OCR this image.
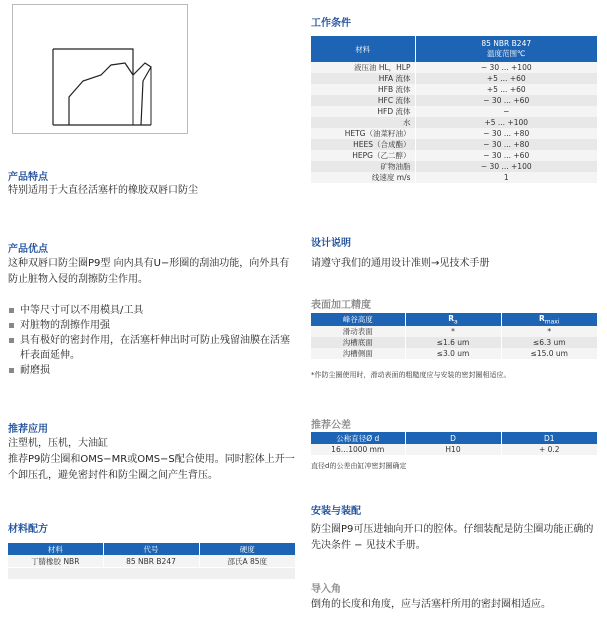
产品特点
特别适用于大直径活塞杆的橡胶双唇口防尘
产品优点
这种双唇口防尘圈P9型 向内具有U−形圈的刮油功能，向外具有防止脏物入侵的刮擦防尘作用。
中等尺寸可以不用模具/工具
对脏物的刮擦作用强
具有极好的密封作用，在活塞杆伸出时可防止残留油膜在活塞杆表面延伸。
耐磨损
推荐应用
注塑机，压机，大油缸
推荐P9防尘圈和OMS−MR或OMS−S配合使用。同时腔体上开一个卸压孔，避免密封件和防尘圈之间产生背压。
材料配方
材料	代号	硬度
丁腈橡胶 NBR	85 NBR B247	邵氏A 85度
工作条件
材料	85 NBR B247
温度范围℃

液压油 HL，HLP	− 30 ... +100
HFA 流体	+5 ... +60
HFB 流体	+5 ... +60
HFC 流体	− 30 ... +60
HFD 流体	−
水	+5 ... +100
HETG（油菜籽油）	− 30 ... +80
HEES（合成酯）	− 30 ... +80
HEPG（乙二醇）	− 30 ... +60
矿物油脂	− 30 ... +100
线速度 m/s	1
设计说明
请遵守我们的通用设计准则→见技术手册
表面加工精度
峰谷高度	$R_a$	$R_{maxi}$
滑动表面	*	*
沟槽底面	≤1.6 um	≤6.3 um
沟槽侧面	≤3.0 um	≤15.0 um
*作防尘圈使用时，滑动表面的粗糙度应与安装的密封圈相适应。
推荐公差
公称直径Ø d	D	D1
16…1000 mm	H10	+ 0.2
直径d的公差由缸冲密封圈确定
安装与装配
防尘圈P9可压进轴向开口的腔体。仔细装配是防尘圈功能正确的先决条件 − 见技术手册。
导入角
倒角的长度和角度，应与活塞杆所用的密封圈相适应。
